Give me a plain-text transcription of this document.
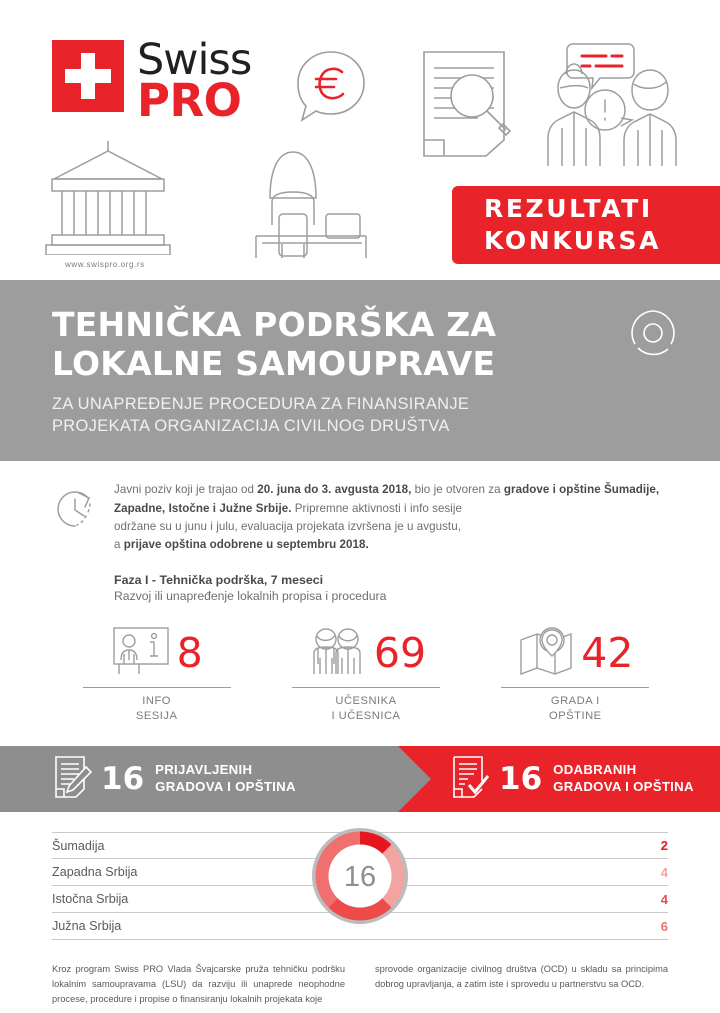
Swiss
PRO
www.swispro.org.rs
REZULTATI
KONKURSA
TEHNIČKA PODRŠKA ZA
LOKALNE SAMOUPRAVE
ZA UNAPREĐENJE PROCEDURA ZA FINANSIRANJE
PROJEKATA ORGANIZACIJA CIVILNOG DRUŠTVA
Javni poziv koji je trajao od 20. juna do 3. avgusta 2018, bio je otvoren za gradove i opštine Šumadije, Zapadne, Istočne i Južne Srbije. Pripremne aktivnosti i info sesije
održane su u junu i julu, evaluacija projekata izvršena je u avgustu,
a prijave opština odobrene u septembru 2018.
Faza I - Tehnička podrška, 7 meseci
Razvoj ili unapređenje lokalnih propisa i procedura
8
INFO
SESIJA
69
UČESNIKA
I UČESNICA
42
GRADA I
OPŠTINE
16 PRIJAVLJENIH
GRADOVA I OPŠTINA	16 ODABRANIH
GRADOVA I OPŠTINA
Šumadija	2
Zapadna Srbija	4
Istočna Srbija	4
Južna Srbija	6
16

Kroz program Swiss PRO Vlada Švajcarske pruža tehničku podršku lokalnim samoupravama (LSU) da razviju ili unaprede neophodne procese, procedure i propise o finansiranju lokalnih projekata koje

sprovode organizacije civilnog društva (OCD) u skladu sa principima dobrog upravljanja, a zatim iste i sprovedu u partnerstvu sa OCD.
